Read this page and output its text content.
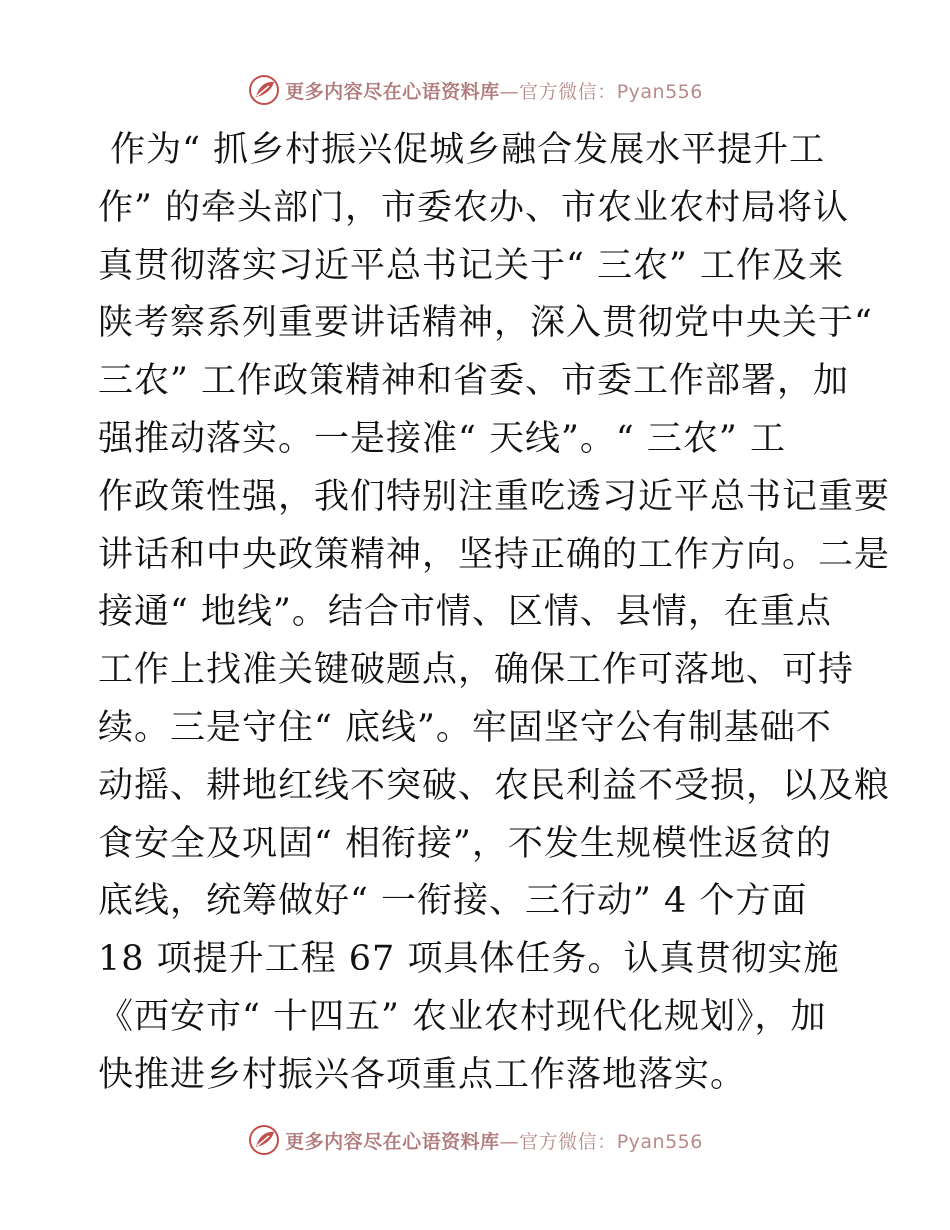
更多内容尽在心语资料库—官方微信：Pyan556
作为“ 抓乡村振兴促城乡融合发展水平提升工
作” 的牵头部门，市委农办、市农业农村局将认
真贯彻落实习近平总书记关于“ 三农” 工作及来
陕考察系列重要讲话精神，深入贯彻党中央关于“
三农” 工作政策精神和省委、市委工作部署，加
强推动落实。一是接准“ 天线”。“ 三农” 工
作政策性强，我们特别注重吃透习近平总书记重要
讲话和中央政策精神，坚持正确的工作方向。二是
接通“ 地线”。结合市情、区情、县情，在重点
工作上找准关键破题点，确保工作可落地、可持
续。三是守住“ 底线”。牢固坚守公有制基础不
动摇、耕地红线不突破、农民利益不受损，以及粮
食安全及巩固“ 相衔接”，不发生规模性返贫的
底线，统筹做好“ 一衔接、三行动” 4 个方面
18 项提升工程 67 项具体任务。认真贯彻实施
《西安市“ 十四五” 农业农村现代化规划》，加
快推进乡村振兴各项重点工作落地落实。
更多内容尽在心语资料库—官方微信：Pyan556
